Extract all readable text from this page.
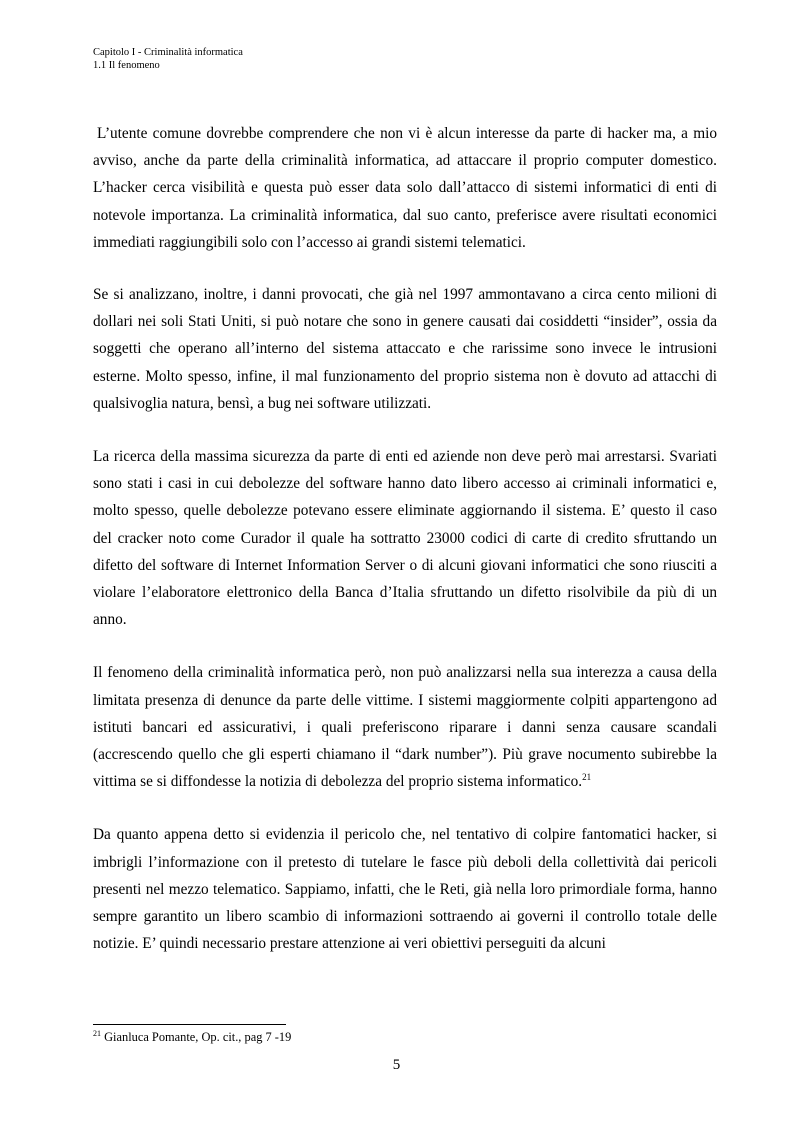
Capitolo I - Criminalità informatica
1.1 Il fenomeno

L’utente comune dovrebbe comprendere che non vi è alcun interesse da parte di hacker ma, a mio avviso, anche da parte della criminalità informatica, ad attaccare il proprio computer domestico. L’hacker cerca visibilità e questa può esser data solo dall’attacco di sistemi informatici di enti di notevole importanza. La criminalità informatica, dal suo canto, preferisce avere risultati economici immediati raggiungibili solo con l’accesso ai grandi sistemi telematici.

Se si analizzano, inoltre, i danni provocati, che già nel 1997 ammontavano a circa cento milioni di dollari nei soli Stati Uniti, si può notare che sono in genere causati dai cosiddetti “insider”, ossia da soggetti che operano all’interno del sistema attaccato e che rarissime sono invece le intrusioni esterne. Molto spesso, infine, il mal funzionamento del proprio sistema non è dovuto ad attacchi di qualsivoglia natura, bensì, a bug nei software utilizzati.

La ricerca della massima sicurezza da parte di enti ed aziende non deve però mai arrestarsi. Svariati sono stati i casi in cui debolezze del software hanno dato libero accesso ai criminali informatici e, molto spesso, quelle debolezze potevano essere eliminate aggiornando il sistema. E’ questo il caso del cracker noto come Curador il quale ha sottratto 23000 codici di carte di credito sfruttando un difetto del software di Internet Information Server o di alcuni giovani informatici che sono riusciti a violare l’elaboratore elettronico della Banca d’Italia sfruttando un difetto risolvibile da più di un anno.

Il fenomeno della criminalità informatica però, non può analizzarsi nella sua interezza a causa della limitata presenza di denunce da parte delle vittime. I sistemi maggiormente colpiti appartengono ad istituti bancari ed assicurativi, i quali preferiscono riparare i danni senza causare scandali (accrescendo quello che gli esperti chiamano il “dark number”). Più grave nocumento subirebbe la vittima se si diffondesse la notizia di debolezza del proprio sistema informatico.$^{21}$

Da quanto appena detto si evidenzia il pericolo che, nel tentativo di colpire fantomatici hacker, si imbrigli l’informazione con il pretesto di tutelare le fasce più deboli della collettività dai pericoli presenti nel mezzo telematico. Sappiamo, infatti, che le Reti, già nella loro primordiale forma, hanno sempre garantito un libero scambio di informazioni sottraendo ai governi il controllo totale delle notizie. E’ quindi necessario prestare attenzione ai veri obiettivi perseguiti da alcuni

$^{21}$ Gianluca Pomante, Op. cit., pag 7 -19
5
